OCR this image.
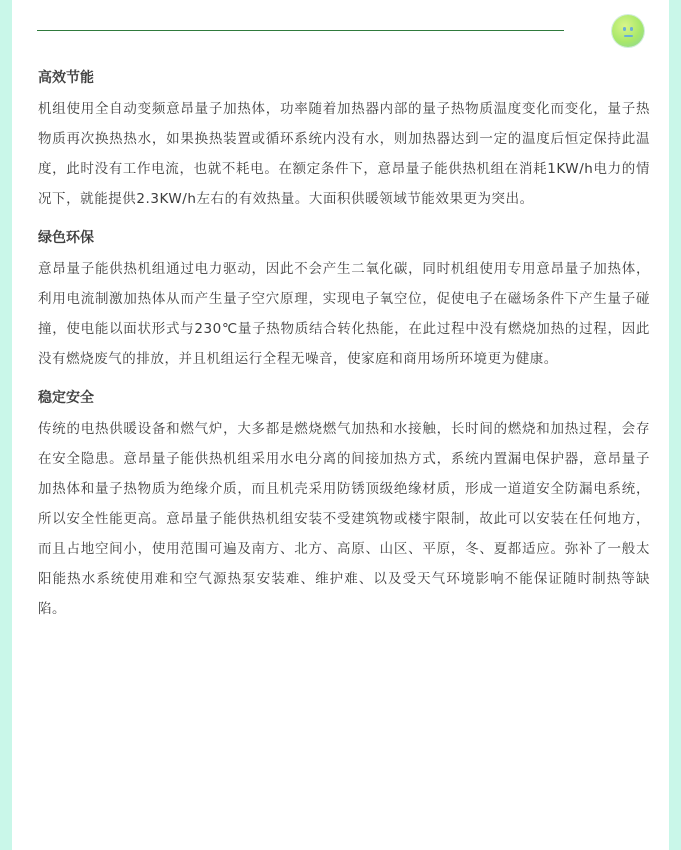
高效节能

机组使用全自动变频意昂量子加热体，功率随着加热器内部的量子热物质温度变化而变化，量子热物质再次换热热水，如果换热装置或循环系统内没有水，则加热器达到一定的温度后恒定保持此温度，此时没有工作电流，也就不耗电。在额定条件下，意昂量子能供热机组在消耗1KW/h电力的情况下，就能提供2.3KW/h左右的有效热量。大面积供暖领域节能效果更为突出。

绿色环保

意昂量子能供热机组通过电力驱动，因此不会产生二氧化碳，同时机组使用专用意昂量子加热体，利用电流制激加热体从而产生量子空穴原理，实现电子氧空位，促使电子在磁场条件下产生量子碰撞，使电能以面状形式与230℃量子热物质结合转化热能，在此过程中没有燃烧加热的过程，因此没有燃烧废气的排放，并且机组运行全程无噪音，使家庭和商用场所环境更为健康。

稳定安全

传统的电热供暖设备和燃气炉，大多都是燃烧燃气加热和水接触，长时间的燃烧和加热过程，会存在安全隐患。意昂量子能供热机组采用水电分离的间接加热方式，系统内置漏电保护器，意昂量子加热体和量子热物质为绝缘介质，而且机壳采用防锈顶级绝缘材质，形成一道道安全防漏电系统，所以安全性能更高。意昂量子能供热机组安装不受建筑物或楼宇限制，故此可以安装在任何地方，而且占地空间小，使用范围可遍及南方、北方、高原、山区、平原，冬、夏都适应。弥补了一般太阳能热水系统使用难和空气源热泵安装难、维护难、以及受天气环境影响不能保证随时制热等缺陷。
